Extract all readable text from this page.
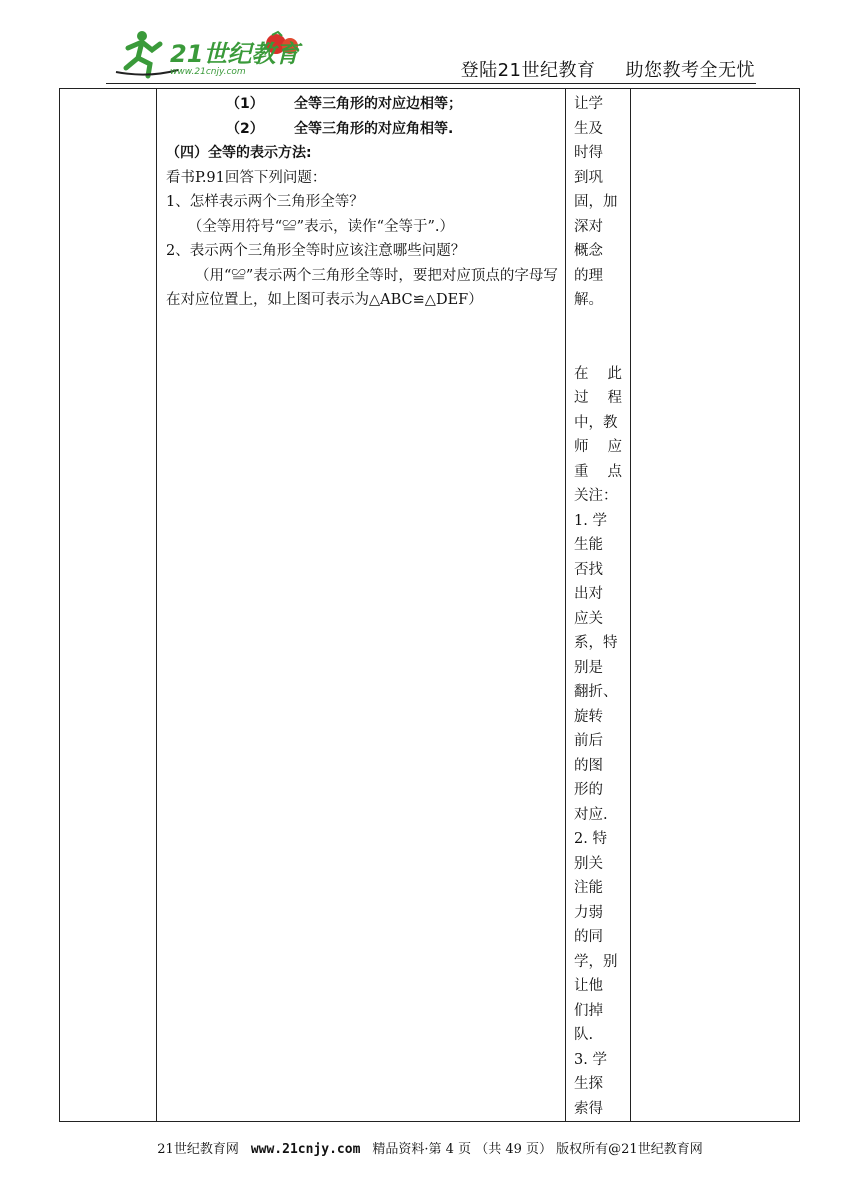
21世纪教育
www.21cnjy.com	登陆21世纪教育 助您教考全无忧

（1） 全等三角形的对应边相等；

（2） 全等三角形的对应角相等.

（四）全等的表示方法:

看书P.91回答下列问题：

1、怎样表示两个三角形全等？

（全等用符号“≌”表示，读作“全等于”.）

2、表示两个三角形全等时应该注意哪些问题？

（用“≌”表示两个三角形全等时，要把对应顶点的字母写在对应位置上，如上图可表示为△ABC≌△DEF）

让学
生及
时得
到巩
固，加
深对
概念
的理
解。
在 此
过 程
中，教
师 应
重 点
关注：
1. 学
生能
否找
出对
应关
系，特
别是
翻折、
旋转
前后
的图
形的
对应.
2. 特
别关
注能
力弱
的同
学，别
让他
们掉
队.
3. 学
生探
索得

21世纪教育网 www.21cnjy.com 精品资料·第 4 页 （共 49 页） 版权所有@21世纪教育网
